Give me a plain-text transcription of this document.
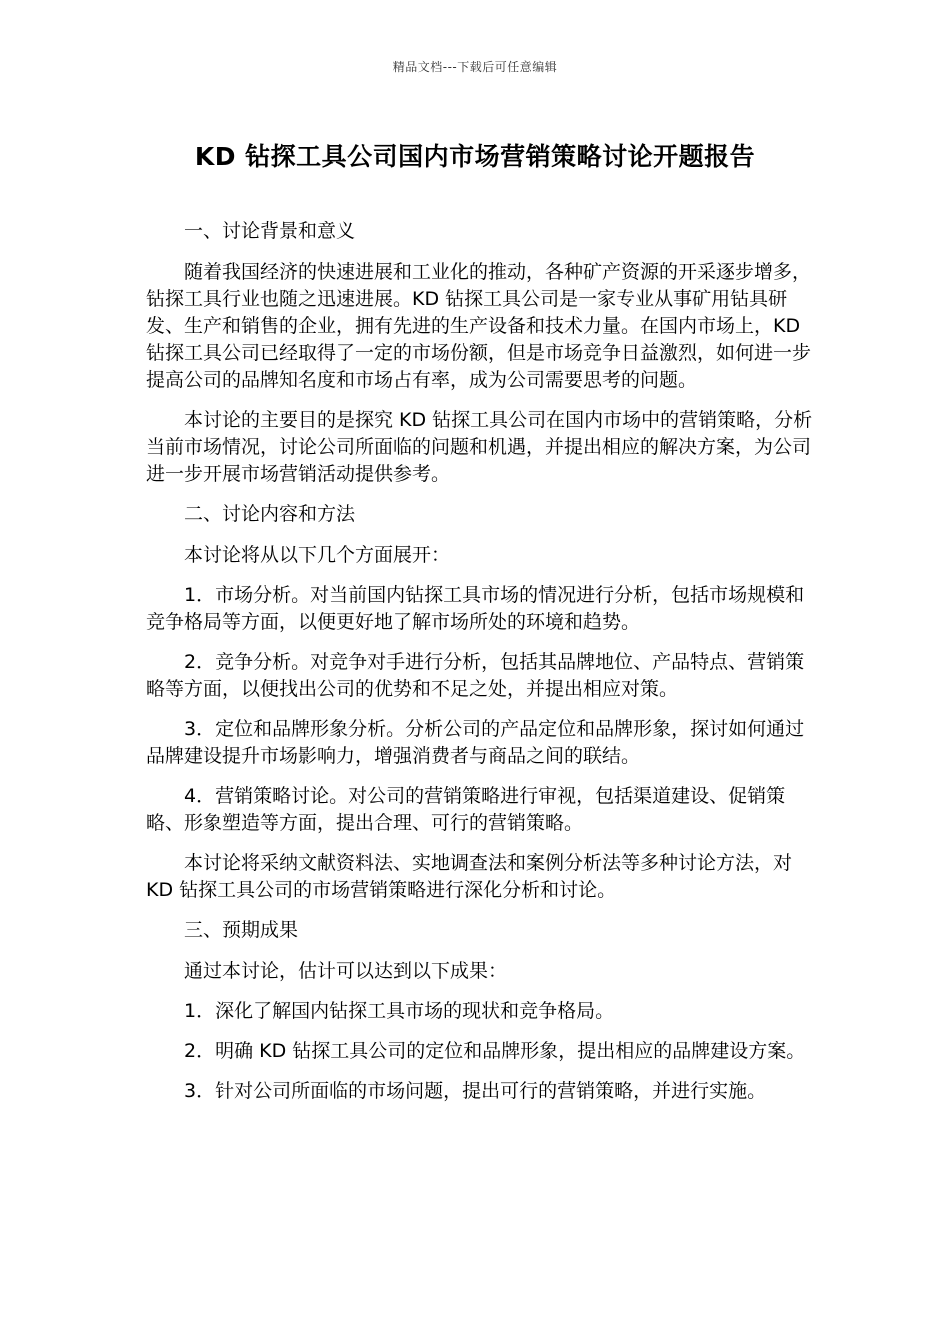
精品文档---下载后可任意编辑
KD 钻探工具公司国内市场营销策略讨论开题报告

一、讨论背景和意义

随着我国经济的快速进展和工业化的推动，各种矿产资源的开采逐步增多，钻探工具行业也随之迅速进展。KD 钻探工具公司是一家专业从事矿用钻具研发、生产和销售的企业，拥有先进的生产设备和技术力量。在国内市场上，KD 钻探工具公司已经取得了一定的市场份额，但是市场竞争日益激烈，如何进一步提高公司的品牌知名度和市场占有率，成为公司需要思考的问题。

本讨论的主要目的是探究 KD 钻探工具公司在国内市场中的营销策略，分析当前市场情况，讨论公司所面临的问题和机遇，并提出相应的解决方案，为公司进一步开展市场营销活动提供参考。

二、讨论内容和方法

本讨论将从以下几个方面展开：

1．市场分析。对当前国内钻探工具市场的情况进行分析，包括市场规模和竞争格局等方面，以便更好地了解市场所处的环境和趋势。

2．竞争分析。对竞争对手进行分析，包括其品牌地位、产品特点、营销策略等方面，以便找出公司的优势和不足之处，并提出相应对策。

3．定位和品牌形象分析。分析公司的产品定位和品牌形象，探讨如何通过品牌建设提升市场影响力，增强消费者与商品之间的联结。

4．营销策略讨论。对公司的营销策略进行审视，包括渠道建设、促销策略、形象塑造等方面，提出合理、可行的营销策略。

本讨论将采纳文献资料法、实地调查法和案例分析法等多种讨论方法，对 KD 钻探工具公司的市场营销策略进行深化分析和讨论。

三、预期成果

通过本讨论，估计可以达到以下成果：

1．深化了解国内钻探工具市场的现状和竞争格局。

2．明确 KD 钻探工具公司的定位和品牌形象，提出相应的品牌建设方案。

3．针对公司所面临的市场问题，提出可行的营销策略，并进行实施。
